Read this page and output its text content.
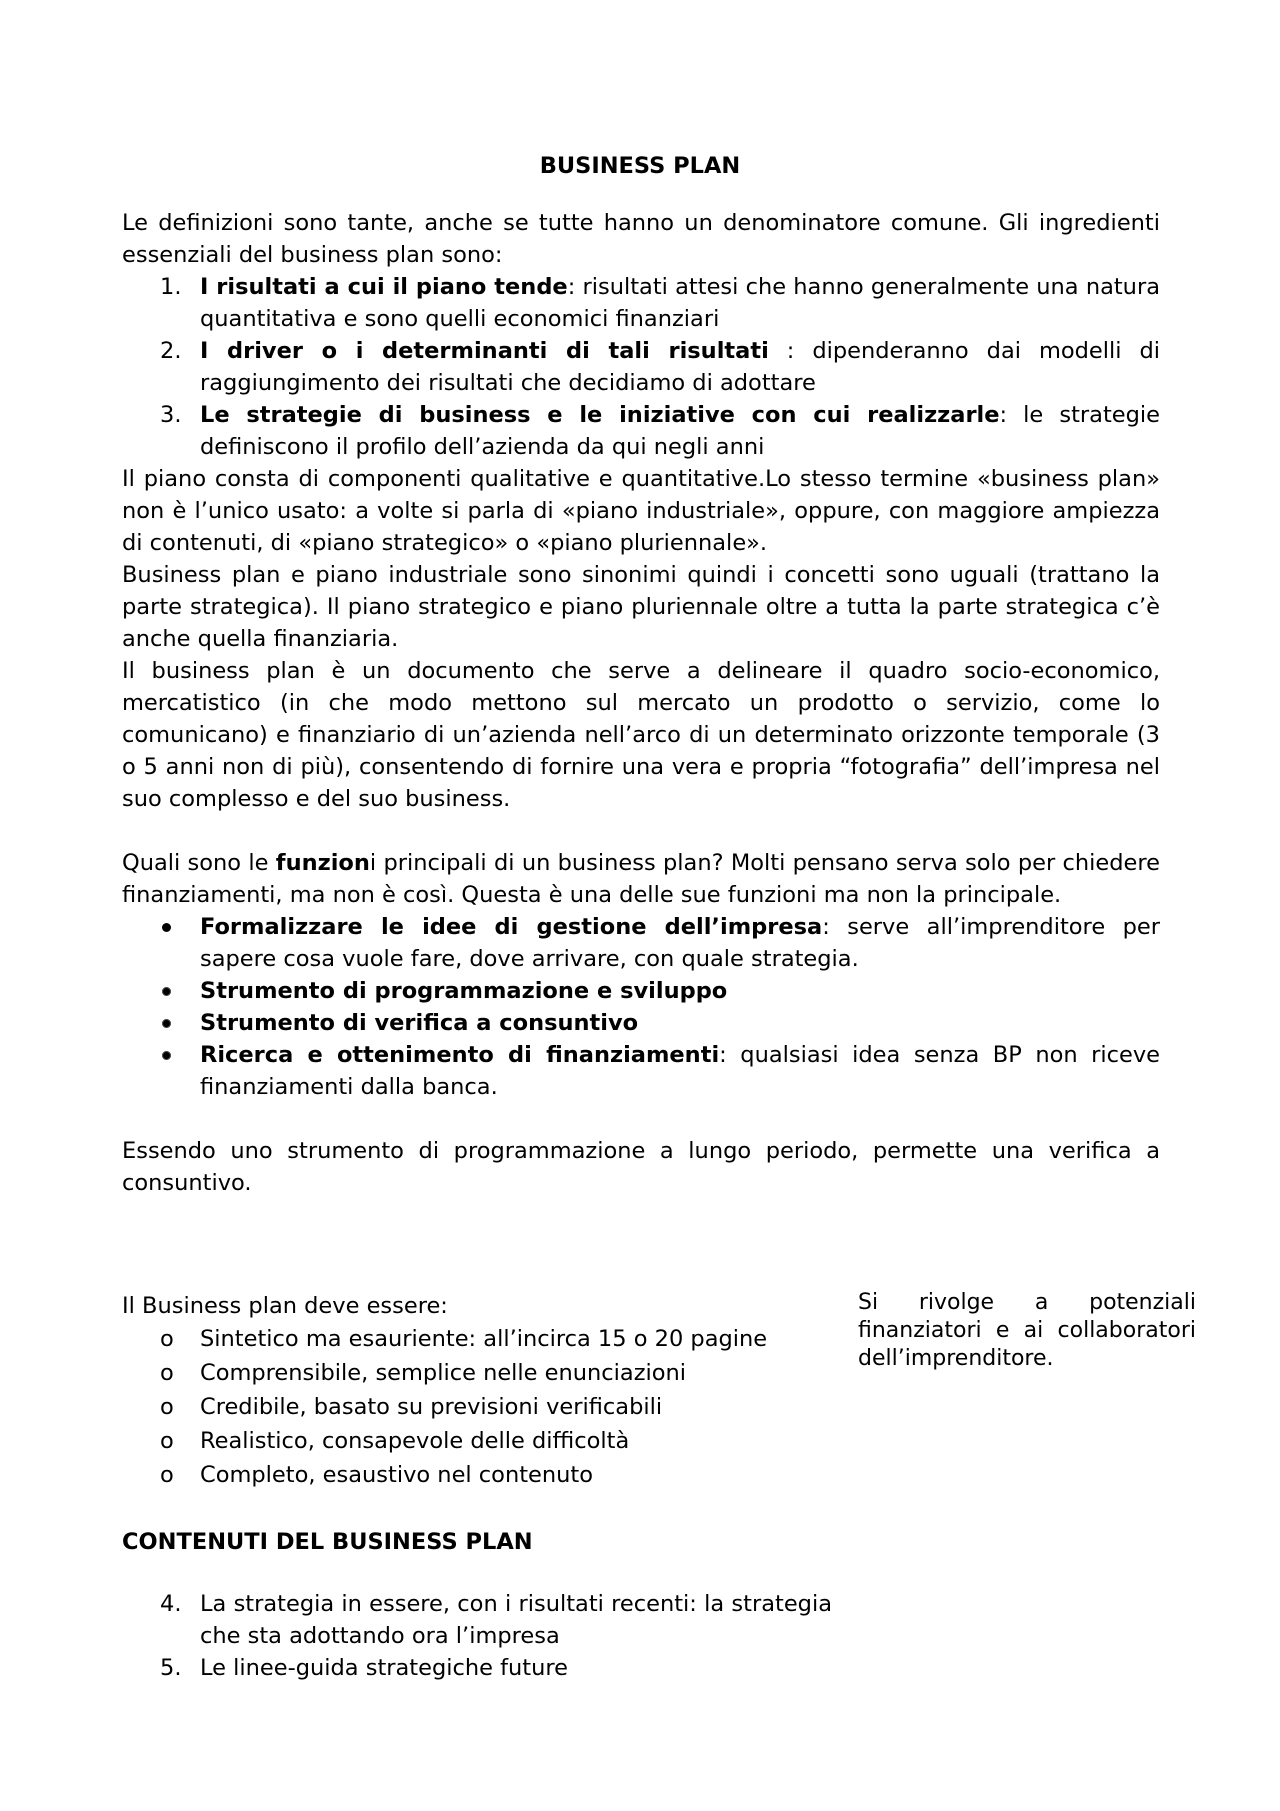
BUSINESS PLAN

Le definizioni sono tante, anche se tutte hanno un denominatore comune. Gli ingredienti essenziali del business plan sono:

1. I risultati a cui il piano tende: risultati attesi che hanno generalmente una natura quantitativa e sono quelli economici finanziari
2. I driver o i determinanti di tali risultati : dipenderanno dai modelli di raggiungimento dei risultati che decidiamo di adottare
3. Le strategie di business e le iniziative con cui realizzarle: le strategie definiscono il profilo dell’azienda da qui negli anni

Il piano consta di componenti qualitative e quantitative.Lo stesso termine «business plan» non è l’unico usato: a volte si parla di «piano industriale», oppure, con maggiore ampiezza di contenuti, di «piano strategico» o «piano pluriennale».

Business plan e piano industriale sono sinonimi quindi i concetti sono uguali (trattano la parte strategica). Il piano strategico e piano pluriennale oltre a tutta la parte strategica c’è anche quella finanziaria.

Il business plan è un documento che serve a delineare il quadro socio-economico, mercatistico (in che modo mettono sul mercato un prodotto o servizio, come lo comunicano) e finanziario di un’azienda nell’arco di un determinato orizzonte temporale (3 o 5 anni non di più), consentendo di fornire una vera e propria “fotografia” dell’impresa nel suo complesso e del suo business.

Quali sono le funzioni principali di un business plan? Molti pensano serva solo per chiedere finanziamenti, ma non è così. Questa è una delle sue funzioni ma non la principale.

Formalizzare le idee di gestione dell’impresa: serve all’imprenditore per sapere cosa vuole fare, dove arrivare, con quale strategia.
Strumento di programmazione e sviluppo
Strumento di verifica a consuntivo
Ricerca e ottenimento di finanziamenti: qualsiasi idea senza BP non riceve finanziamenti dalla banca.

Essendo uno strumento di programmazione a lungo periodo, permette una verifica a consuntivo.

Il Business plan deve essere:

o	Sintetico ma esauriente: all’incirca 15 o 20 pagine
o	Comprensibile, semplice nelle enunciazioni
o	Credibile, basato su previsioni verificabili
o	Realistico, consapevole delle difficoltà
o	Completo, esaustivo nel contenuto

CONTENUTI DEL BUSINESS PLAN

4. La strategia in essere, con i risultati recenti: la strategia che sta adottando ora l’impresa
5. Le linee-guida strategiche future
Si rivolge a potenziali finanziatori e ai collaboratori dell’imprenditore.
